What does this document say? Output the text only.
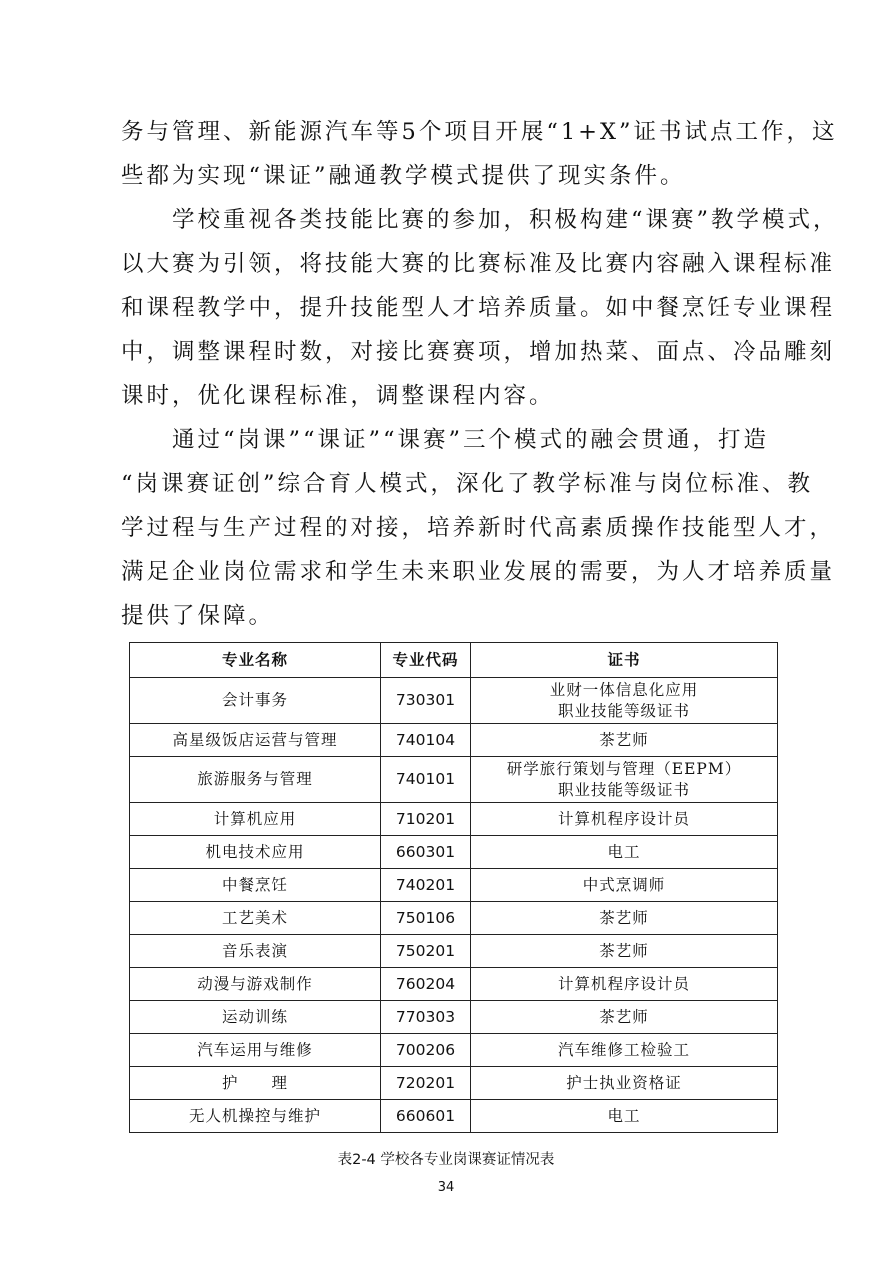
务与管理、新能源汽车等5个项目开展“1+X”证书试点工作，这
些都为实现“课证”融通教学模式提供了现实条件。

　　学校重视各类技能比赛的参加，积极构建“课赛”教学模式，
以大赛为引领，将技能大赛的比赛标准及比赛内容融入课程标准
和课程教学中，提升技能型人才培养质量。如中餐烹饪专业课程
中，调整课程时数，对接比赛赛项，增加热菜、面点、冷品雕刻
课时，优化课程标准，调整课程内容。

　　通过“岗课”“课证”“课赛”三个模式的融会贯通，打造
“岗课赛证创”综合育人模式，深化了教学标准与岗位标准、教
学过程与生产过程的对接，培养新时代高素质操作技能型人才，
满足企业岗位需求和学生未来职业发展的需要，为人才培养质量
提供了保障。

专业名称	专业代码	证书
会计事务	730301	业财一体信息化应用
职业技能等级证书

高星级饭店运营与管理	740104	茶艺师
旅游服务与管理	740101	研学旅行策划与管理（EEPM）
职业技能等级证书

计算机应用	710201	计算机程序设计员
机电技术应用	660301	电工
中餐烹饪	740201	中式烹调师
工艺美术	750106	茶艺师
音乐表演	750201	茶艺师
动漫与游戏制作	760204	计算机程序设计员
运动训练	770303	茶艺师
汽车运用与维修	700206	汽车维修工检验工
护　　理	720201	护士执业资格证
无人机操控与维护	660601	电工
表2-4 学校各专业岗课赛证情况表
34
